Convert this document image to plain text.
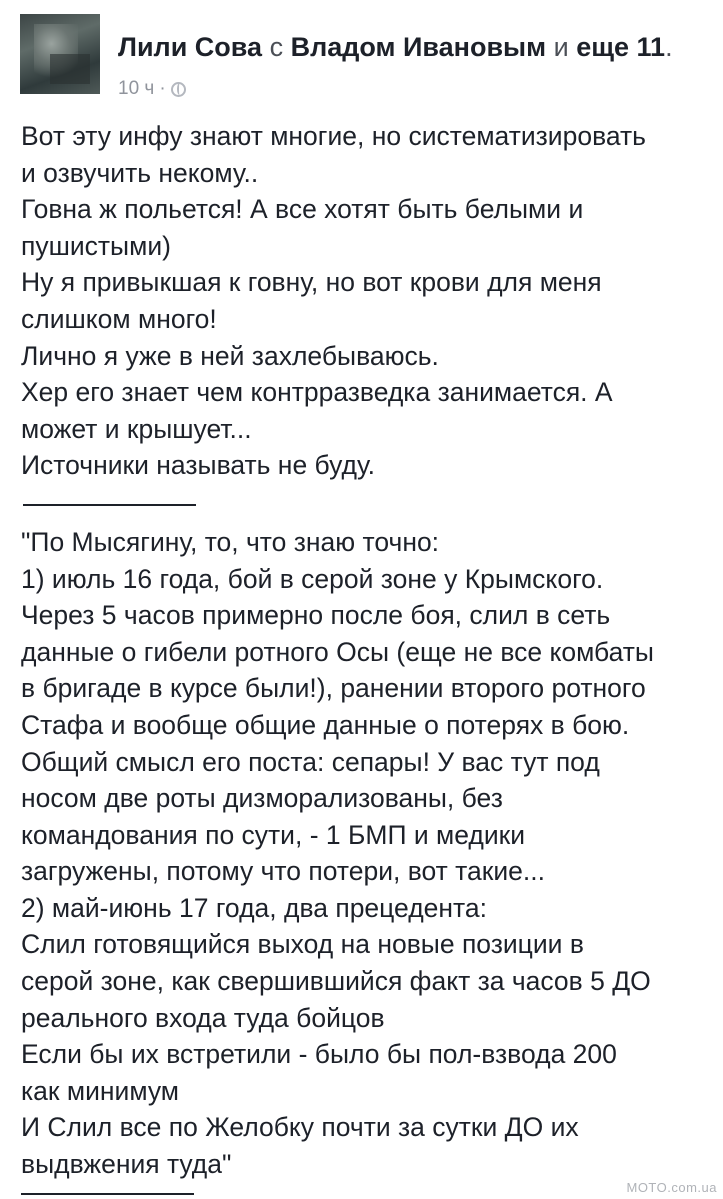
Лили Сова с Владом Ивановым и еще 11.
10 ч ·

Вот эту инфу знают многие, но систематизировать

и озвучить некому..

Говна ж польется! А все хотят быть белыми и

пушистыми)

Ну я привыкшая к говну, но вот крови для меня

слишком много!

Лично я уже в ней захлебываюсь.

Хер его знает чем контрразведка занимается. А

может и крышует...

Источники называть не буду.

"По Мысягину, то, что знаю точно:

1) июль 16 года, бой в серой зоне у Крымского.

Через 5 часов примерно после боя, слил в сеть

данные о гибели ротного Осы (еще не все комбаты

в бригаде в курсе были!), ранении второго ротного

Стафа и вообще общие данные о потерях в бою.

Общий смысл его поста: сепары! У вас тут под

носом две роты дизморализованы, без

командования по сути, - 1 БМП и медики

загружены, потому что потери, вот такие...

2) май-июнь 17 года, два прецедента:

Слил готовящийся выход на новые позиции в

серой зоне, как свершившийся факт за часов 5 ДО

реального входа туда бойцов

Если бы их встретили - было бы пол-взвода 200

как минимум

И Слил все по Желобку почти за сутки ДО их

выдвжения туда"

MOTO.com.ua
